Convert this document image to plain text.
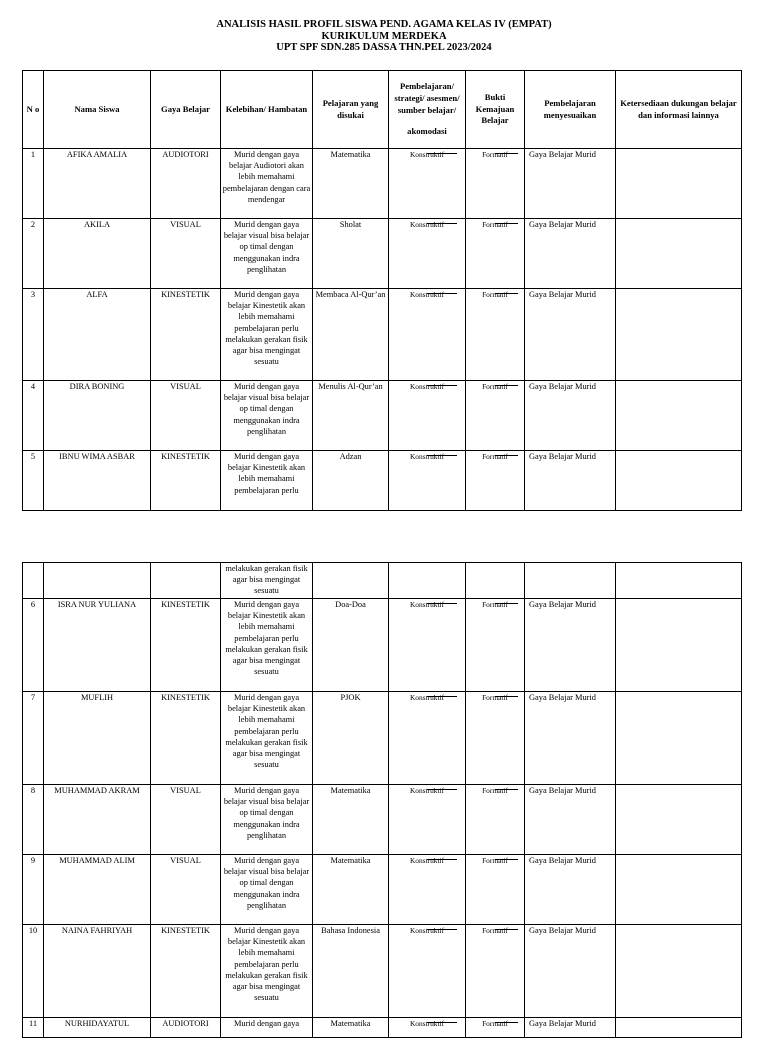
ANALISIS HASIL PROFIL SISWA PEND. AGAMA KELAS IV (EMPAT)
KURIKULUM MERDEKA
UPT SPF SDN.285 DASSA THN.PEL 2023/2024
N o	Nama Siswa	Gaya Belajar	Kelebihan/ Hambatan	Pelajaran yang disukai	Pembelajaran/ strategi/ asesmen/ sumber belajar/
akomodasi	Bukti Kemajuan Belajar	Pembelajaran menyesuaikan	Ketersediaan dukungan belajar dan informasi lainnya
1	AFIKA AMALIA	AUDIOTORI	Murid dengan gaya belajar Audiotori akan lebih memahami pembelajaran dengan cara mendengar	Matematika	Konstruktif	Formatif	Gaya Belajar Murid	
2	AKILA	VISUAL	Murid dengan gaya belajar visual bisa belajar op timal dengan menggunakan indra penglihatan	Sholat	Konstruktif	Formatif	Gaya Belajar Murid	
3	ALFA	KINESTETIK	Murid dengan gaya belajar Kinestetik akan lebih memahami pembelajaran perlu melakukan gerakan fisik agar bisa mengingat sesuatu	Membaca Al-Qur’an	Konstruktif	Formatif	Gaya Belajar Murid	
4	DIRA BONING	VISUAL	Murid dengan gaya belajar visual bisa belajar op timal dengan menggunakan indra penglihatan	Menulis Al-Qur’an	Konstruktif	Formatif	Gaya Belajar Murid	
5	IBNU WIMA ASBAR	KINESTETIK	Murid dengan gaya belajar Kinestetik akan lebih memahami pembelajaran perlu	Adzan	Konstruktif	Formatif	Gaya Belajar Murid	
			melakukan gerakan fisik agar bisa mengingat sesuatu					
6	ISRA NUR YULIANA	KINESTETIK	Murid dengan gaya belajar Kinestetik akan lebih memahami pembelajaran perlu melakukan gerakan fisik agar bisa mengingat sesuatu	Doa-Doa	Konstruktif	Formatif	Gaya Belajar Murid	
7	MUFLIH	KINESTETIK	Murid dengan gaya belajar Kinestetik akan lebih memahami pembelajaran perlu melakukan gerakan fisik agar bisa mengingat sesuatu	PJOK	Konstruktif	Formatif	Gaya Belajar Murid	
8	MUHAMMAD AKRAM	VISUAL	Murid dengan gaya belajar visual bisa belajar op timal dengan menggunakan indra penglihatan	Matematika	Konstruktif	Formatif	Gaya Belajar Murid	
9	MUHAMMAD ALIM	VISUAL	Murid dengan gaya belajar visual bisa belajar op timal dengan menggunakan indra penglihatan	Matematika	Konstruktif	Formatif	Gaya Belajar Murid	
10	NAINA FAHRIYAH	KINESTETIK	Murid dengan gaya belajar Kinestetik akan lebih memahami pembelajaran perlu melakukan gerakan fisik agar bisa mengingat sesuatu	Bahasa Indonesia	Konstruktif	Formatif	Gaya Belajar Murid	
11	NURHIDAYATUL	AUDIOTORI	Murid dengan gaya	Matematika	Konstruktif	Formatif	Gaya Belajar Murid	
